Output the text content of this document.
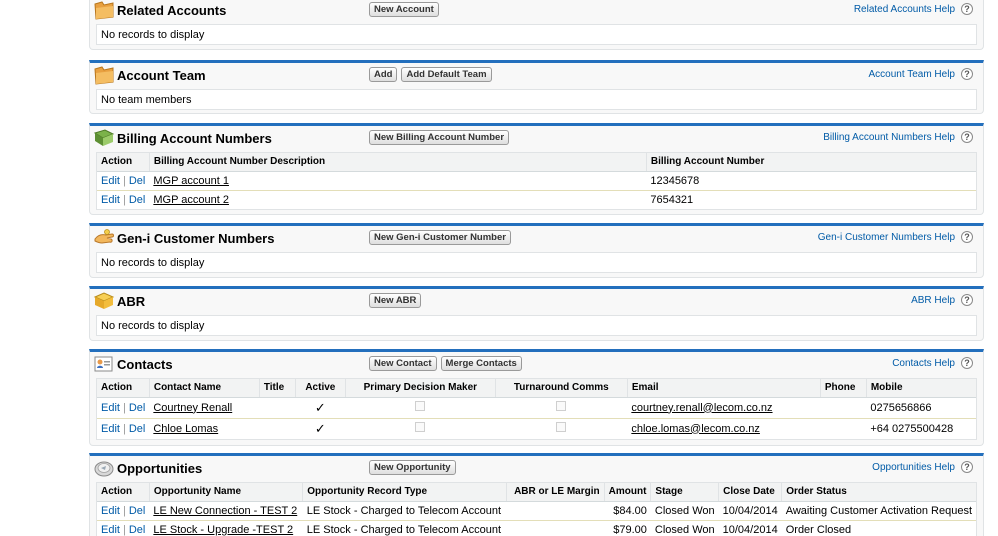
Related Accounts	New Account	Related Accounts Help	?
No records to display
Account Team	Add	Add Default Team	Account Team Help	?
No team members
Billing Account Numbers	New Billing Account Number	Billing Account Numbers Help	?
Action	Billing Account Number Description	Billing Account Number
Edit | Del	MGP account 1	12345678
Edit | Del	MGP account 2	7654321
Gen-i Customer Numbers	New Gen-i Customer Number	Gen-i Customer Numbers Help	?
No records to display
ABR	New ABR	ABR Help	?
No records to display
Contacts	New Contact	Merge Contacts	Contacts Help	?
Action	Contact Name	Title	Active	Primary Decision Maker	Turnaround Comms	Email	Phone	Mobile
Edit | Del	Courtney Renall		✓			courtney.renall@lecom.co.nz		0275656866
Edit | Del	Chloe Lomas		✓			chloe.lomas@lecom.co.nz		+64 0275500428
Opportunities	New Opportunity	Opportunities Help	?
Action	Opportunity Name	Opportunity Record Type	ABR or LE Margin	Amount	Stage	Close Date	Order Status
Edit | Del	LE New Connection - TEST 2	LE Stock - Charged to Telecom Account		$84.00	Closed Won	10/04/2014	Awaiting Customer Activation Request
Edit | Del	LE Stock - Upgrade -TEST 2	LE Stock - Charged to Telecom Account		$79.00	Closed Won	10/04/2014	Order Closed
